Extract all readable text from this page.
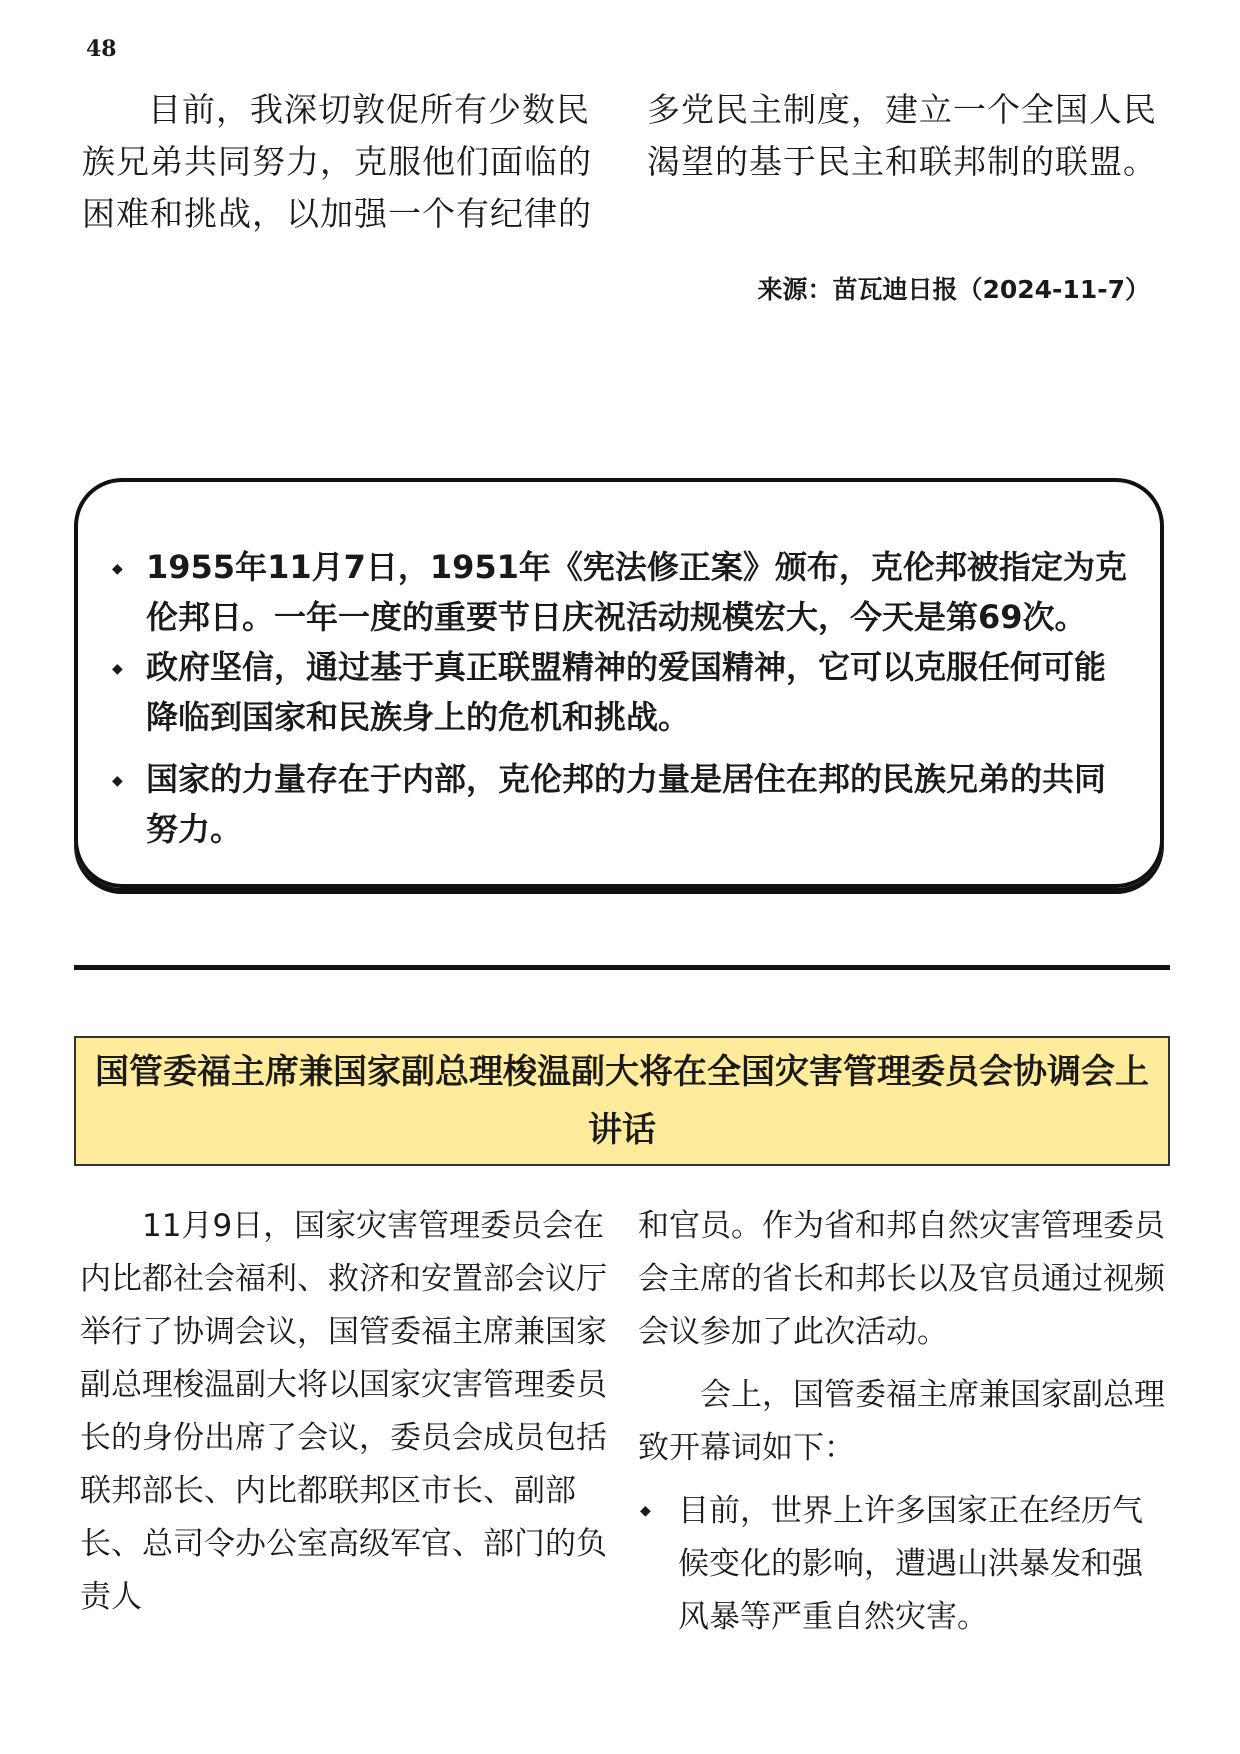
48

目前，我深切敦促所有少数民族兄弟共同努力，克服他们面临的困难和挑战，以加强一个有纪律的

多党民主制度，建立一个全国人民渴望的基于民主和联邦制的联盟。

来源：苗瓦迪日报（2024-11-7）
◆ 1955年11月7日，1951年《宪法修正案》颁布，克伦邦被指定为克伦邦日。一年一度的重要节日庆祝活动规模宏大，今天是第69次。
◆ 政府坚信，通过基于真正联盟精神的爱国精神，它可以克服任何可能降临到国家和民族身上的危机和挑战。
◆ 国家的力量存在于内部，克伦邦的力量是居住在邦的民族兄弟的共同努力。
国管委福主席兼国家副总理梭温副大将在全国灾害管理委员会协调会上讲话

11月9日，国家灾害管理委员会在内比都社会福利、救济和安置部会议厅举行了协调会议，国管委福主席兼国家副总理梭温副大将以国家灾害管理委员长的身份出席了会议，委员会成员包括联邦部长、内比都联邦区市长、副部长、总司令办公室高级军官、部门的负责人

和官员。作为省和邦自然灾害管理委员会主席的省长和邦长以及官员通过视频会议参加了此次活动。

会上，国管委福主席兼国家副总理致开幕词如下：

◆ 目前，世界上许多国家正在经历气候变化的影响，遭遇山洪暴发和强风暴等严重自然灾害。
